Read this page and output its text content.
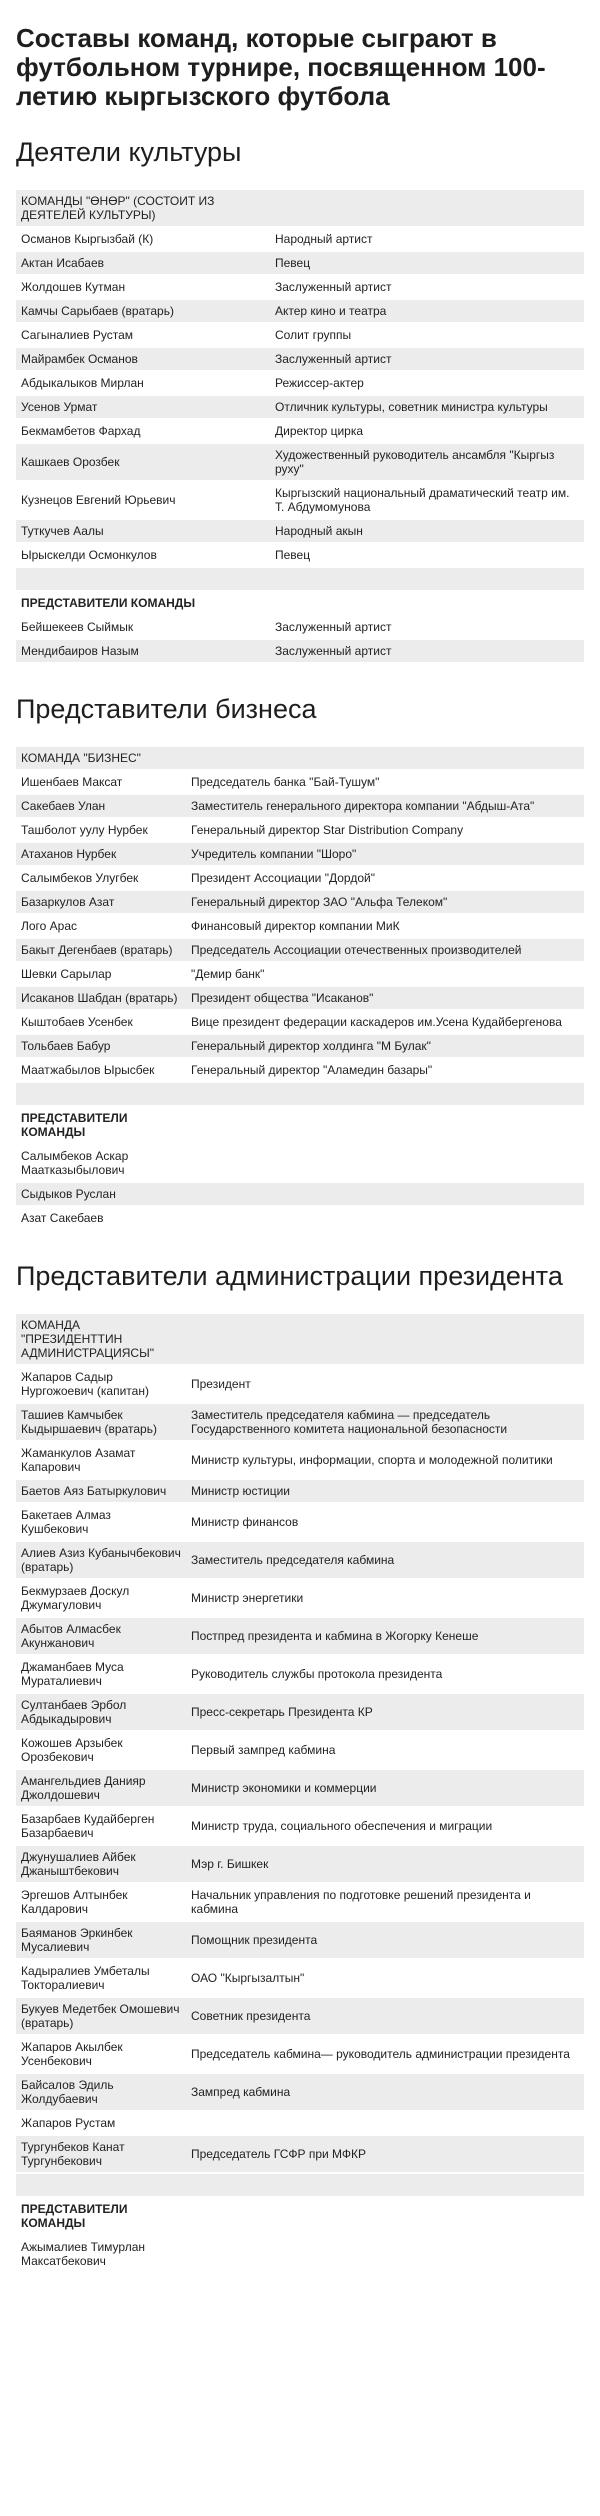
Составы команд, которые сыграют в футбольном турнире, посвященном 100-летию кыргызского футбола
Деятели культуры
КОМАНДЫ "ӨНӨР" (СОСТОИТ ИЗ ДЕЯТЕЛЕЙ КУЛЬТУРЫ)	
Османов Кыргызбай (К)	Народный артист
Актан Исабаев	Певец
Жолдошев Кутман	Заслуженный артист
Камчы Сарыбаев (вратарь)	Актер кино и театра
Сагыналиев Рустам	Солит группы
Майрамбек Османов	Заслуженный артист
Абдыкалыков Мирлан	Режиссер-актер
Усенов Урмат	Отличник культуры, советник министра культуры
Бекмамбетов Фархад	Директор цирка
Кашкаев Орозбек	Художественный руководитель ансамбля "Кыргыз руху"
Кузнецов Евгений Юрьевич	Кыргызский национальный драматический театр им. Т. Абдумомунова
Туткучев Аалы	Народный акын
Ырыскелди Осмонкулов	Певец

ПРЕДСТАВИТЕЛИ КОМАНДЫ	
Бейшекеев Сыймык	Заслуженный артист
Мендибаиров Назым	Заслуженный артист
Представители бизнеса
КОМАНДА "БИЗНЕС"	
Ишенбаев Максат	Председатель банка "Бай-Тушум"
Сакебаев Улан	Заместитель генерального директора компании "Абдыш-Ата"
Ташболот уулу Нурбек	Генеральный директор Star Distribution Company
Атаханов Нурбек	Учредитель компании "Шоро"
Салымбеков Улугбек	Президент Ассоциации "Дордой"
Базаркулов Азат	Генеральный директор ЗАО "Альфа Телеком"
Лого Арас	Финансовый директор компании МиК
Бакыт Дегенбаев (вратарь)	Председатель Ассоциации отечественных производителей
Шевки Сарылар	"Демир банк"
Исаканов Шабдан (вратарь)	Президент общества "Исаканов"
Кыштобаев Усенбек	Вице президент федерации каскадеров им.Усена Кудайбергенова
Тольбаев Бабур	Генеральный директор холдинга "М Булак"
Маатжабылов Ырысбек	Генеральный директор "Аламедин базары"

ПРЕДСТАВИТЕЛИ КОМАНДЫ	
Салымбеков Аскар Маатказыбылович	
Сыдыков Руслан	
Азат Сакебаев	
Представители администрации президента
КОМАНДА "ПРЕЗИДЕНТТИН АДМИНИСТРАЦИЯСЫ"	
Жапаров Садыр Нургожоевич (капитан)	Президент
Ташиев Камчыбек Кыдыршаевич (вратарь)	Заместитель председателя кабмина — председатель Государственного комитета национальной безопасности
Жаманкулов Азамат Капарович	Министр культуры, информации, спорта и молодежной политики
Баетов Аяз Батыркулович	Министр юстиции
Бакетаев Алмаз Кушбекович	Министр финансов
Алиев Азиз Кубанычбекович (вратарь)	Заместитель председателя кабмина
Бекмурзаев Доскул Джумагулович	Министр энергетики
Абытов Алмасбек Акунжанович	Постпред президента и кабмина в Жогорку Кенеше
Джаманбаев Муса Мураталиевич	Руководитель службы протокола президента
Султанбаев Эрбол Абдыкадырович	Пресс-секретарь Президента КР
Кожошев Арзыбек Орозбекович	Первый зампред кабмина
Амангельдиев Данияр Джолдошевич	Министр экономики и коммерции
Базарбаев Кудайберген Базарбаевич	Министр труда, социального обеспечения и миграции
Джунушалиев Айбек Джаныштбекович	Мэр г. Бишкек
Эргешов Алтынбек Калдарович	Начальник управления по подготовке решений президента и кабмина
Баяманов Эркинбек Мусалиевич	Помощник президента
Кадыралиев Умбеталы Токторалиевич	ОАО "Кыргызалтын"
Букуев Медетбек Омошевич (вратарь)	Советник президента
Жапаров Акылбек Усенбекович	Председатель кабмина— руководитель администрации президента
Байсалов Эдиль Жолдубаевич	Зампред кабмина
Жапаров Рустам	
Тургунбеков Канат Тургунбекович	Председатель ГСФР при МФКР

ПРЕДСТАВИТЕЛИ КОМАНДЫ	
Ажымалиев Тимурлан Максатбекович	
